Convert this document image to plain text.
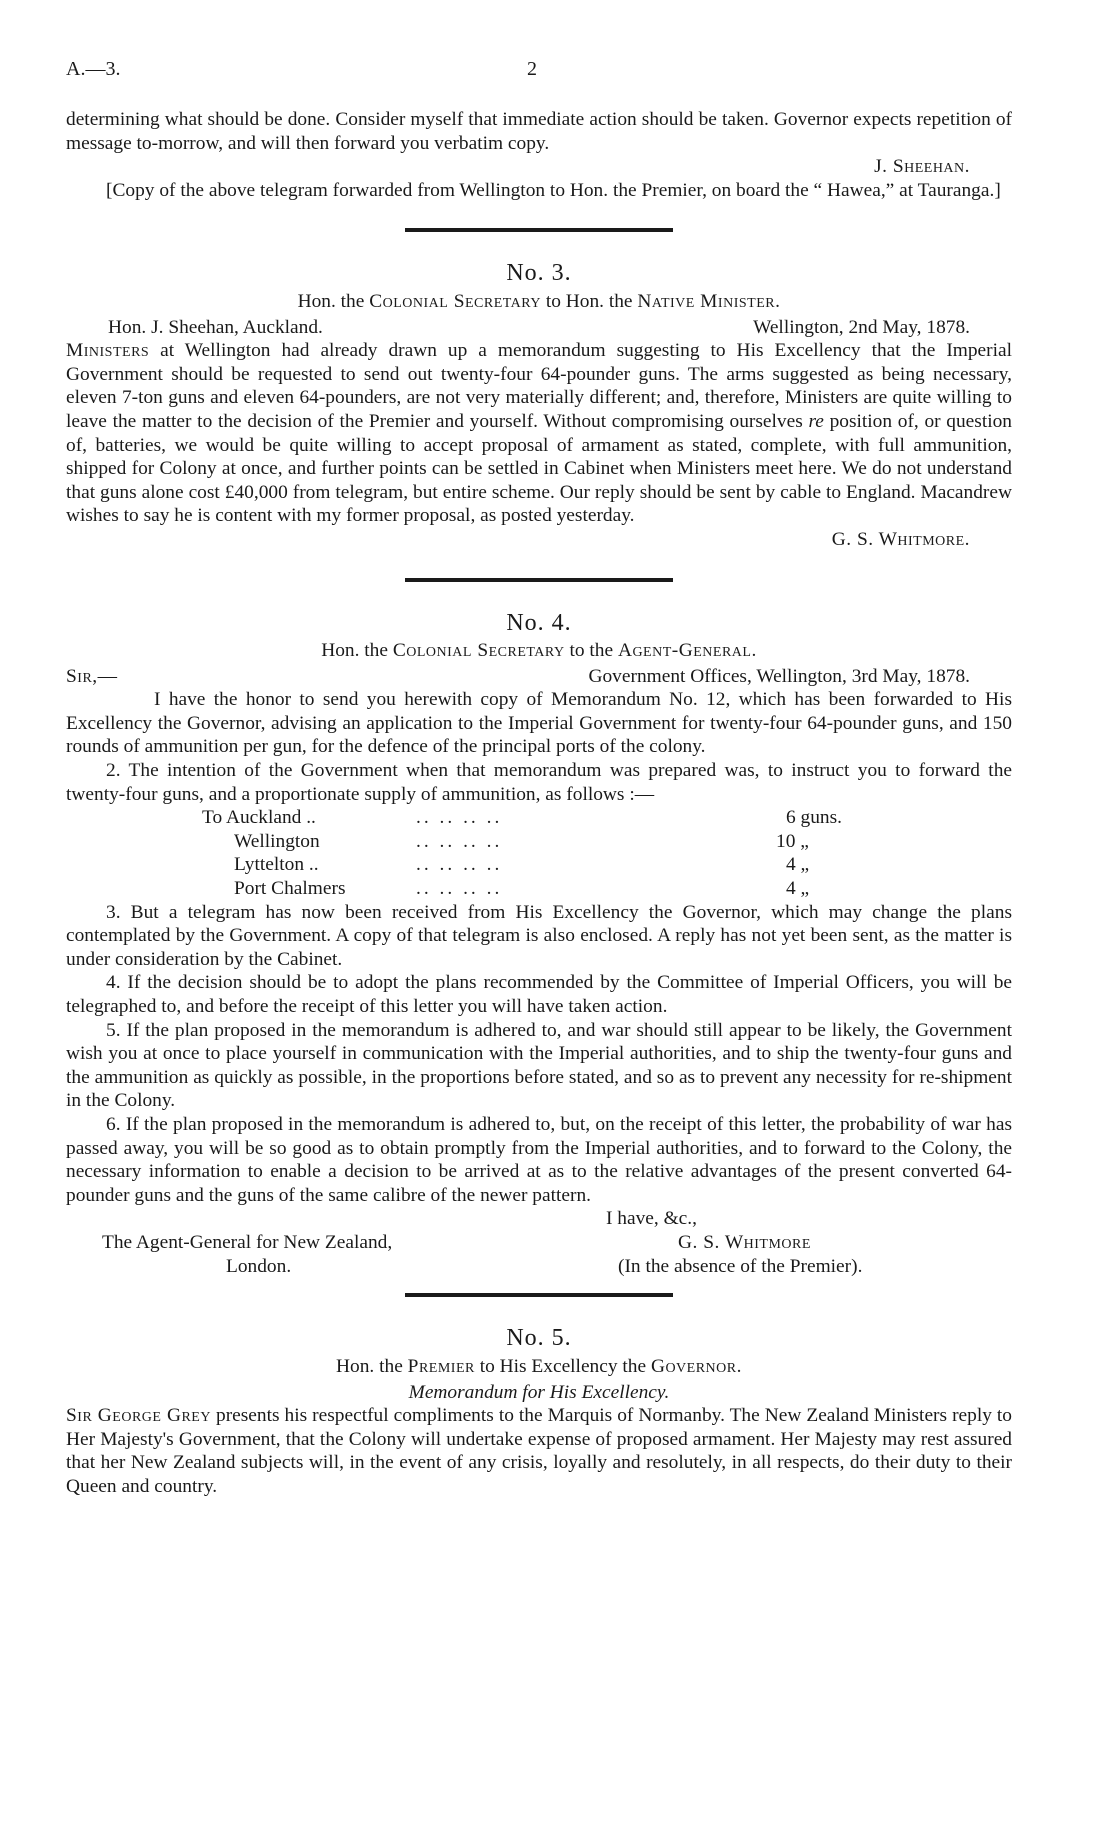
A.—3.	2

determining what should be done. Consider myself that immediate action should be taken. Governor expects repetition of message to-morrow, and will then forward you verbatim copy.

J. Sheehan.

[Copy of the above telegram forwarded from Wellington to Hon. the Premier, on board the “ Hawea,” at Tauranga.]

No. 3.
Hon. the Colonial Secretary to Hon. the Native Minister.
Hon. J. Sheehan, Auckland.	Wellington, 2nd May, 1878.

Ministers at Wellington had already drawn up a memorandum suggesting to His Excellency that the Imperial Government should be requested to send out twenty-four 64-pounder guns. The arms suggested as being necessary, eleven 7-ton guns and eleven 64-pounders, are not very materially different; and, therefore, Ministers are quite willing to leave the matter to the decision of the Premier and yourself. Without compromising ourselves re position of, or question of, batteries, we would be quite willing to accept proposal of armament as stated, complete, with full ammunition, shipped for Colony at once, and further points can be settled in Cabinet when Ministers meet here. We do not understand that guns alone cost £40,000 from telegram, but entire scheme. Our reply should be sent by cable to England. Macandrew wishes to say he is content with my former proposal, as posted yesterday.

G. S. Whitmore.

No. 4.
Hon. the Colonial Secretary to the Agent-General.
Sir,—	Government Offices, Wellington, 3rd May, 1878.

I have the honor to send you herewith copy of Memorandum No. 12, which has been forwarded to His Excellency the Governor, advising an application to the Imperial Government for twenty-four 64-pounder guns, and 150 rounds of ammunition per gun, for the defence of the principal ports of the colony.

2. The intention of the Government when that memorandum was prepared was, to instruct you to forward the twenty-four guns, and a proportionate supply of ammunition, as follows :—

To Auckland ..	.. .. .. ..	6 guns.
Wellington	.. .. .. ..	10 „
Lyttelton ..	.. .. .. ..	4 „
Port Chalmers	.. .. .. ..	4 „

3. But a telegram has now been received from His Excellency the Governor, which may change the plans contemplated by the Government. A copy of that telegram is also enclosed. A reply has not yet been sent, as the matter is under consideration by the Cabinet.

4. If the decision should be to adopt the plans recommended by the Committee of Imperial Officers, you will be telegraphed to, and before the receipt of this letter you will have taken action.

5. If the plan proposed in the memorandum is adhered to, and war should still appear to be likely, the Government wish you at once to place yourself in communication with the Imperial authorities, and to ship the twenty-four guns and the ammunition as quickly as possible, in the proportions before stated, and so as to prevent any necessity for re-shipment in the Colony.

6. If the plan proposed in the memorandum is adhered to, but, on the receipt of this letter, the probability of war has passed away, you will be so good as to obtain promptly from the Imperial authorities, and to forward to the Colony, the necessary information to enable a decision to be arrived at as to the relative advantages of the present converted 64-pounder guns and the guns of the same calibre of the newer pattern.

I have, &c.,
The Agent-General for New Zealand,
London.
G. S. Whitmore
(In the absence of the Premier).
No. 5.
Hon. the Premier to His Excellency the Governor.
Memorandum for His Excellency.

Sir George Grey presents his respectful compliments to the Marquis of Normanby. The New Zealand Ministers reply to Her Majesty's Government, that the Colony will undertake expense of proposed armament. Her Majesty may rest assured that her New Zealand subjects will, in the event of any crisis, loyally and resolutely, in all respects, do their duty to their Queen and country.
